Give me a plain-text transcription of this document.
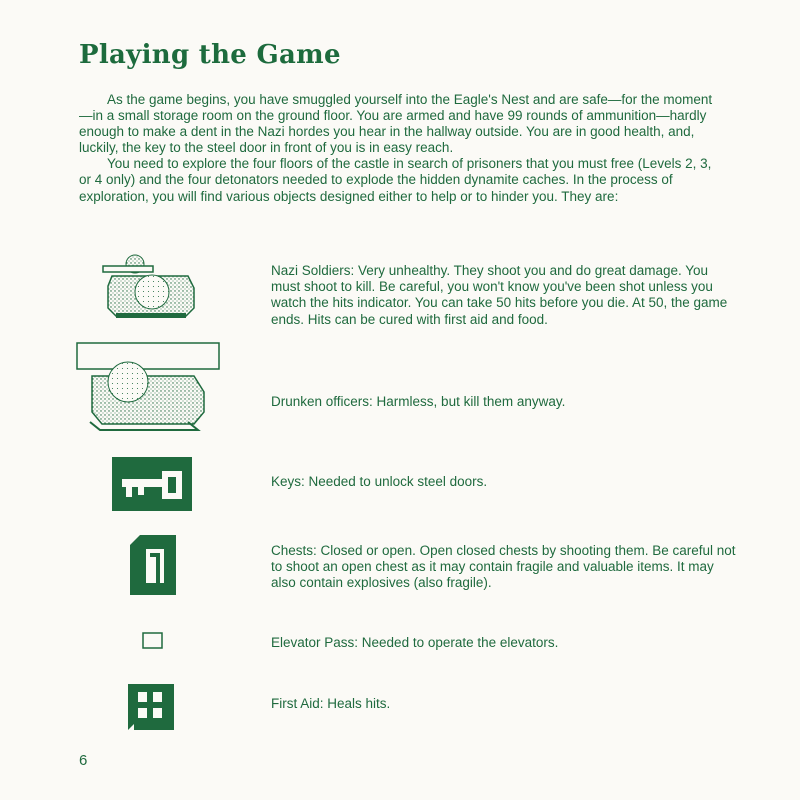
Playing the Game

As the game begins, you have smuggled yourself into the Eagle's Nest and are safe—for the moment—in a small storage room on the ground floor. You are armed and have 99 rounds of ammunition—hardly enough to make a dent in the Nazi hordes you hear in the hallway outside. You are in good health, and, luckily, the key to the steel door in front of you is in easy reach.

You need to explore the four floors of the castle in search of prisoners that you must free (Levels 2, 3, or 4 only) and the four detonators needed to explode the hidden dynamite caches. In the process of exploration, you will find various objects designed either to help or to hinder you. They are:

Nazi Soldiers: Very unhealthy. They shoot you and do great damage. You must shoot to kill. Be careful, you won't know you've been shot unless you watch the hits indicator. You can take 50 hits before you die. At 50, the game ends. Hits can be cured with first aid and food.
Drunken officers: Harmless, but kill them anyway.
Keys: Needed to unlock steel doors.
Chests: Closed or open. Open closed chests by shooting them. Be careful not to shoot an open chest as it may contain fragile and valuable items. It may also contain explosives (also fragile).
Elevator Pass: Needed to operate the elevators.
First Aid: Heals hits.
6
